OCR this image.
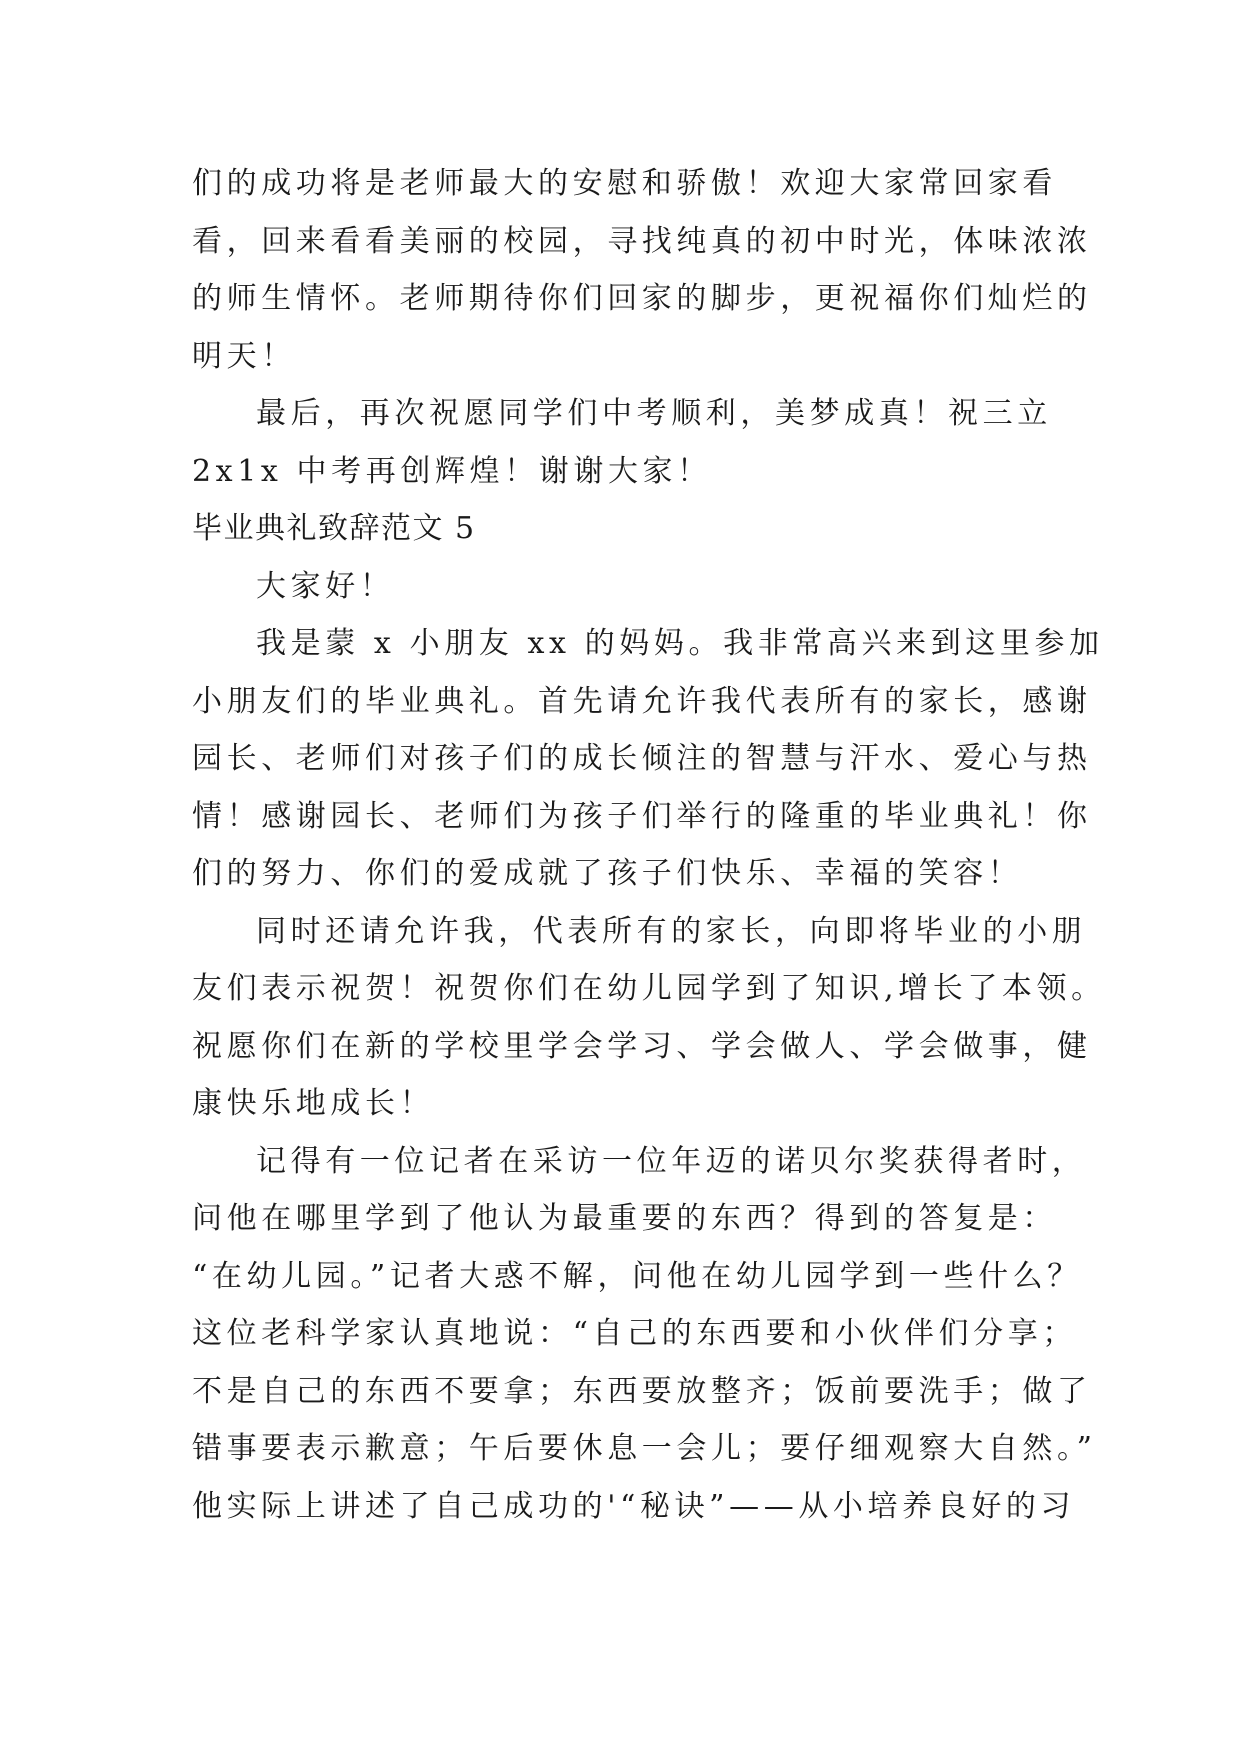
们的成功将是老师最大的安慰和骄傲！欢迎大家常回家看
看，回来看看美丽的校园，寻找纯真的初中时光，体味浓浓
的师生情怀。老师期待你们回家的脚步，更祝福你们灿烂的
明天！
最后，再次祝愿同学们中考顺利，美梦成真！祝三立
2x1x 中考再创辉煌！谢谢大家！
毕业典礼致辞范文 5
大家好！
我是蒙 x 小朋友 xx 的妈妈。我非常高兴来到这里参加
小朋友们的毕业典礼。首先请允许我代表所有的家长，感谢
园长、老师们对孩子们的成长倾注的智慧与汗水、爱心与热
情！感谢园长、老师们为孩子们举行的隆重的毕业典礼！你
们的努力、你们的爱成就了孩子们快乐、幸福的笑容！
同时还请允许我，代表所有的家长，向即将毕业的小朋
友们表示祝贺！祝贺你们在幼儿园学到了知识,增长了本领。
祝愿你们在新的学校里学会学习、学会做人、学会做事，健
康快乐地成长！
记得有一位记者在采访一位年迈的诺贝尔奖获得者时，
问他在哪里学到了他认为最重要的东西？得到的答复是：
“在幼儿园。”记者大惑不解，问他在幼儿园学到一些什么？
这位老科学家认真地说：“自己的东西要和小伙伴们分享；
不是自己的东西不要拿；东西要放整齐；饭前要洗手；做了
错事要表示歉意；午后要休息一会儿；要仔细观察大自然。”
他实际上讲述了自己成功的'“秘诀”——从小培养良好的习
